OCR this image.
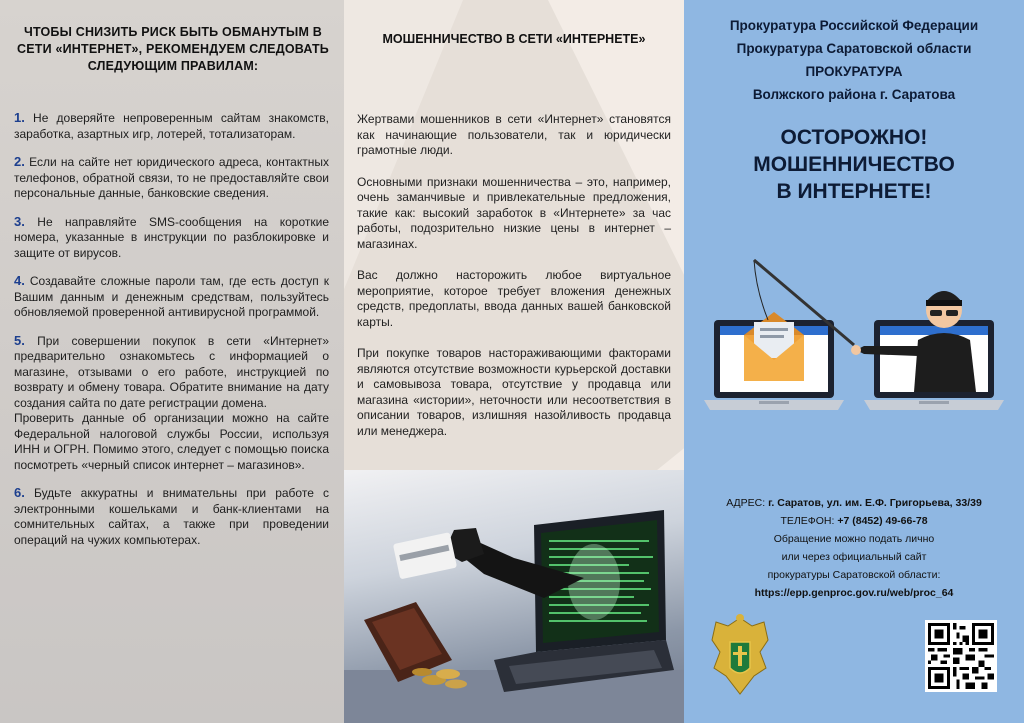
ЧТОБЫ СНИЗИТЬ РИСК БЫТЬ ОБМАНУТЫМ В СЕТИ «ИНТЕРНЕТ», РЕКОМЕНДУЕМ СЛЕДОВАТЬ СЛЕДУЮЩИМ ПРАВИЛАМ:
1. Не доверяйте непроверенным сайтам знакомств, заработка, азартных игр, лотерей, тотализаторам.
2. Если на сайте нет юридического адреса, контактных телефонов, обратной связи, то не предоставляйте свои персональные данные, банковские сведения.
3. Не направляйте SMS-сообщения на короткие номера, указанные в инструкции по разблокировке и защите от вирусов.
4. Создавайте сложные пароли там, где есть доступ к Вашим данным и денежным средствам, пользуйтесь обновляемой проверенной антивирусной программой.
5. При совершении покупок в сети «Интернет» предварительно ознакомьтесь с информацией о магазине, отзывами о его работе, инструкцией по возврату и обмену товара. Обратите внимание на дату создания сайта по дате регистрации домена.
Проверить данные об организации можно на сайте Федеральной налоговой службы России, используя ИНН и ОГРН. Помимо этого, следует с помощью поиска посмотреть «черный список интернет – магазинов».
6. Будьте аккуратны и внимательны при работе с электронными кошельками и банк-клиентами на сомнительных сайтах, а также при проведении операций на чужих компьютерах.
МОШЕННИЧЕСТВО В СЕТИ «ИНТЕРНЕТЕ»

Жертвами мошенников в сети «Интернет» становятся как начинающие пользователи, так и юридически грамотные люди.

Основными признаки мошенничества – это, например, очень заманчивые и привлекательные предложения, такие как: высокий заработок в «Интернете» за час работы, подозрительно низкие цены в интернет – магазинах.

Вас должно насторожить любое виртуальное мероприятие, которое требует вложения денежных средств, предоплаты, ввода данных вашей банковской карты.

При покупке товаров настораживающими факторами являются отсутствие возможности курьерской доставки и самовывоза товара, отсутствие у продавца или магазина «истории», неточности или несоответствия в описании товаров, излишняя назойливость продавца или менеджера.

Прокуратура Российской Федерации
Прокуратура Саратовской области
ПРОКУРАТУРА
Волжского района г. Саратова
ОСТОРОЖНО!
МОШЕННИЧЕСТВО
В ИНТЕРНЕТЕ!
АДРЕС: г. Саратов, ул. им. Е.Ф. Григорьева, 33/39
ТЕЛЕФОН: +7 (8452) 49-66-78
Обращение можно подать лично
или через официальный сайт
прокуратуры Саратовской области:
https://epp.genproc.gov.ru/web/proc_64
